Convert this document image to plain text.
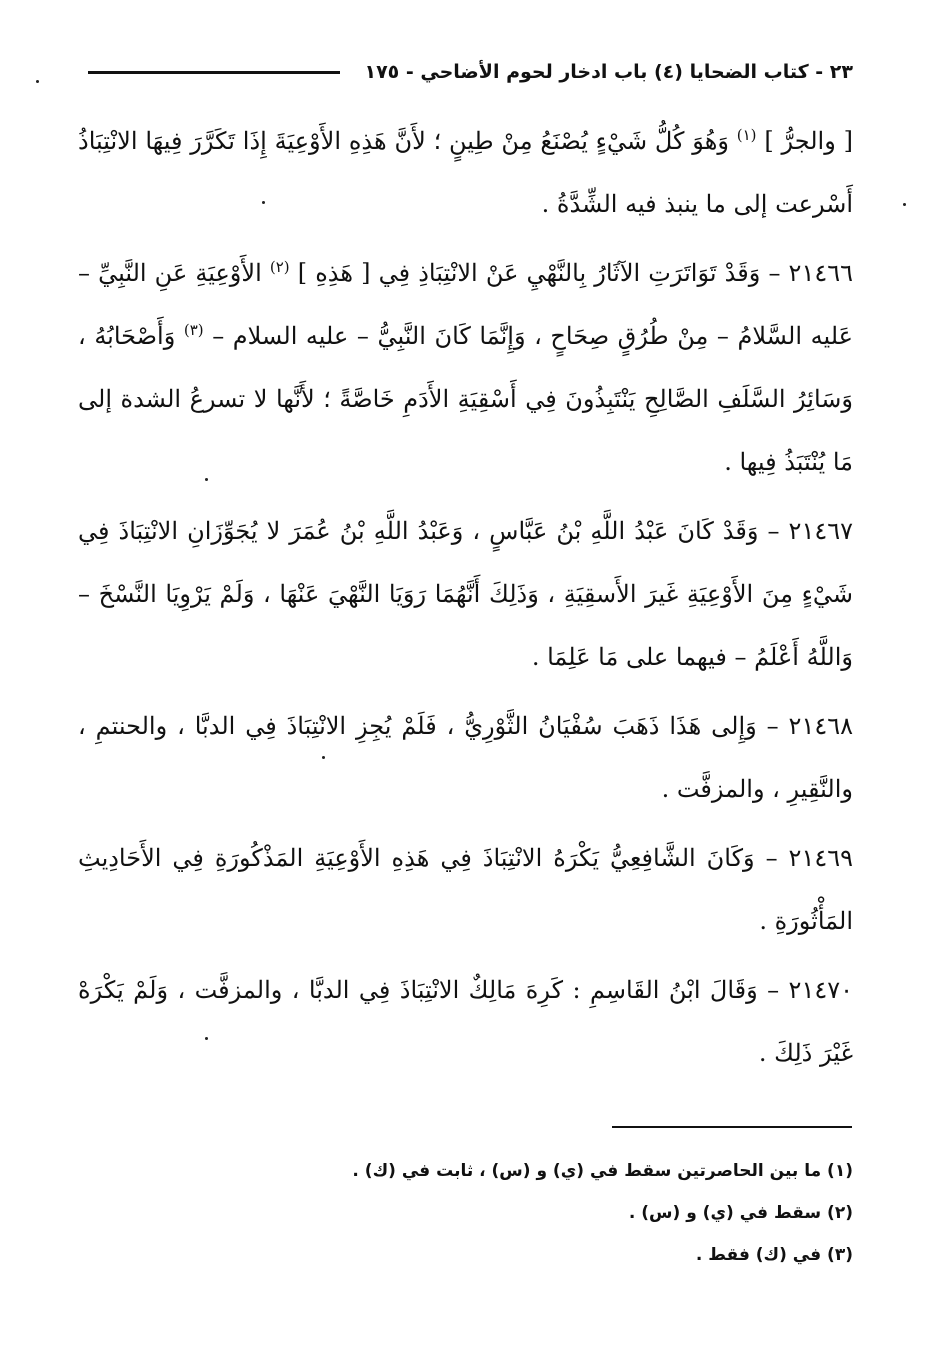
٢٣ - كتاب الضحايا (٤) باب ادخار لحوم الأضاحي - ١٧٥

[ والجرُّ ] $^{(١)}$ وَهُوَ كُلُّ شَيْءٍ يُصْنَعُ مِنْ طِينٍ ؛ لأَنَّ هَذِهِ الأَوْعِيَةَ إِذَا تَكَرَّرَ فِيهَا الانْتِبَاذُ أَسْرعت إلى ما ينبذ فيه الشِّدَّةُ .

٢١٤٦٦ – وَقَدْ تَوَاتَرَتِ الآثَارُ بِالنَّهْيِ عَنْ الانْتِبَاذِ فِي [ هَذِهِ ] $^{(٢)}$ الأَوْعِيَةِ عَنِ النَّبِيِّ – عَليه السَّلامُ – مِنْ طُرُقٍ صِحَاحٍ ، وَإِنَّمَا كَانَ النَّبِيُّ – عليه السلام – $^{(٣)}$ وَأَصْحَابُهُ ، وَسَائِرُ السَّلَفِ الصَّالِحِ يَنْتَبِذُونَ فِي أَسْقِيَةِ الأَدَمِ خَاصَّةً ؛ لأَنَّها لا تسرعُ الشدة إلى مَا يُنْتَبَذُ فِيها .

٢١٤٦٧ – وَقَدْ كَانَ عَبْدُ اللَّهِ بْنُ عَبَّاسٍ ، وَعَبْدُ اللَّهِ بْنُ عُمَرَ لا يُجَوِّزَانِ الانْتِبَاذَ فِي شَيْءٍ مِنَ الأَوْعِيَةِ غَيرَ الأَسقِيَةِ ، وَذَلِكَ أَنَّهُمَا رَوَيَا النَّهْيَ عَنْهَا ، وَلَمْ يَرْوِيَا النَّسْخَ – وَاللَّهُ أَعْلَمُ – فيهما على مَا عَلِمَا .

٢١٤٦٨ – وَإِلى هَذَا ذَهَبَ سُفْيَانُ الثَّوْرِيُّ ، فَلَمْ يُجِزِ الانْتِبَاذَ فِي الدبَّا ، والحنتمِ ، والنَّقِيرِ ، والمزفَّت .

٢١٤٦٩ – وَكَانَ الشَّافِعِيُّ يَكْرَهُ الانْتِبَاذَ فِي هَذِهِ الأَوْعِيَةِ المَذْكُورَةِ فِي الأَحَادِيثِ المَأْثُورَةِ .

٢١٤٧٠ – وَقَالَ ابْنُ القَاسِمِ : كَرِهَ مَالِكٌ الانْتِبَاذَ فِي الدبَّا ، والمزفَّت ، وَلَمْ يَكْرَهْ غَيْرَ ذَلِكَ .

(١) ما بين الحاصرتين سقط في (ي) و (س) ، ثابت في (ك) .
(٢) سقط في (ي) و (س) .
(٣) في (ك) فقط .
